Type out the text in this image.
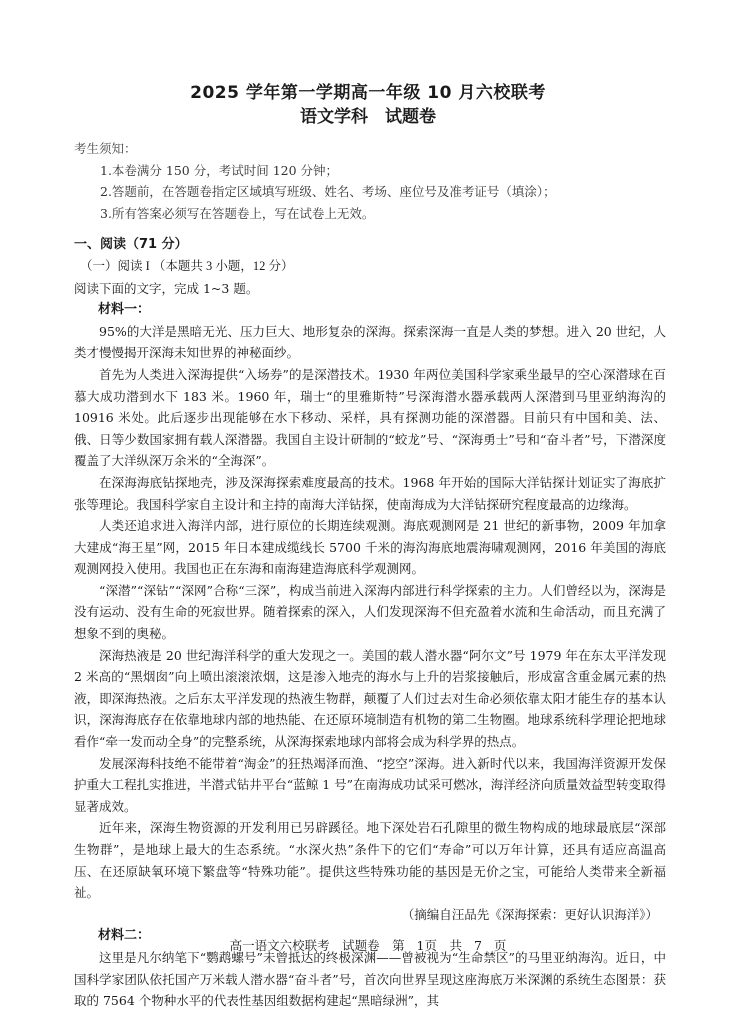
2025 学年第一学期高一年级 10 月六校联考
语文学科　试题卷

考生须知：

1.本卷满分 150 分，考试时间 120 分钟；

2.答题前，在答题卷指定区域填写班级、姓名、考场、座位号及准考证号（填涂）；

3.所有答案必须写在答题卷上，写在试卷上无效。

一、阅读（71 分）

（一）阅读 I （本题共 3 小题，12 分）

阅读下面的文字，完成 1~3 题。

材料一：

95%的大洋是黑暗无光、压力巨大、地形复杂的深海。探索深海一直是人类的梦想。进入 20 世纪，人类才慢慢揭开深海未知世界的神秘面纱。

首先为人类进入深海提供“入场券”的是深潜技术。1930 年两位美国科学家乘坐最早的空心深潜球在百慕大成功潜到水下 183 米。1960 年，瑞士“的里雅斯特”号深海潜水器承载两人深潜到马里亚纳海沟的 10916 米处。此后逐步出现能够在水下移动、采样，具有探测功能的深潜器。目前只有中国和美、法、俄、日等少数国家拥有载人深潜器。我国自主设计研制的“蛟龙”号、“深海勇士”号和“奋斗者”号，下潜深度覆盖了大洋纵深万余米的“全海深”。

在深海海底钻探地壳，涉及深海探索难度最高的技术。1968 年开始的国际大洋钻探计划证实了海底扩张等理论。我国科学家自主设计和主持的南海大洋钻探，使南海成为大洋钻探研究程度最高的边缘海。

人类还追求进入海洋内部，进行原位的长期连续观测。海底观测网是 21 世纪的新事物，2009 年加拿大建成“海王星”网，2015 年日本建成缆线长 5700 千米的海沟海底地震海啸观测网，2016 年美国的海底观测网投入使用。我国也正在东海和南海建造海底科学观测网。

“深潜”“深钻”“深网”合称“三深”，构成当前进入深海内部进行科学探索的主力。人们曾经以为，深海是没有运动、没有生命的死寂世界。随着探索的深入，人们发现深海不但充盈着水流和生命活动，而且充满了想象不到的奥秘。

深海热液是 20 世纪海洋科学的重大发现之一。美国的载人潜水器“阿尔文”号 1979 年在东太平洋发现 2 米高的“黑烟囱”向上喷出滚滚浓烟，这是渗入地壳的海水与上升的岩浆接触后，形成富含重金属元素的热液，即深海热液。之后东太平洋发现的热液生物群，颠覆了人们过去对生命必须依靠太阳才能生存的基本认识，深海海底存在依靠地球内部的地热能、在还原环境制造有机物的第二生物圈。地球系统科学理论把地球看作“牵一发而动全身”的完整系统，从深海探索地球内部将会成为科学界的热点。

发展深海科技绝不能带着“淘金”的狂热竭泽而渔、“挖空”深海。进入新时代以来，我国海洋资源开发保护重大工程扎实推进，半潜式钻井平台“蓝鲸 1 号”在南海成功试采可燃冰，海洋经济向质量效益型转变取得显著成效。

近年来，深海生物资源的开发利用已另辟蹊径。地下深处岩石孔隙里的微生物构成的地球最底层“深部生物群”，是地球上最大的生态系统。“水深火热”条件下的它们“寿命”可以万年计算，还具有适应高温高压、在还原缺氧环境下繁盘等“特殊功能”。提供这些特殊功能的基因是无价之宝，可能给人类带来全新福祉。

（摘编自汪品先《深海探索：更好认识海洋》）

材料二：

这里是凡尔纳笔下“鹦鹉螺号”未曾抵达的终极深渊——曾被视为“生命禁区”的马里亚纳海沟。近日，中国科学家团队依托国产万米载人潜水器“奋斗者”号，首次向世界呈现这座海底万米深渊的系统生态图景：获取的 7564 个物种水平的代表性基因组数据构建起“黑暗绿洲”，其

高一语文六校联考　试题卷　第 1页　共 7 页
